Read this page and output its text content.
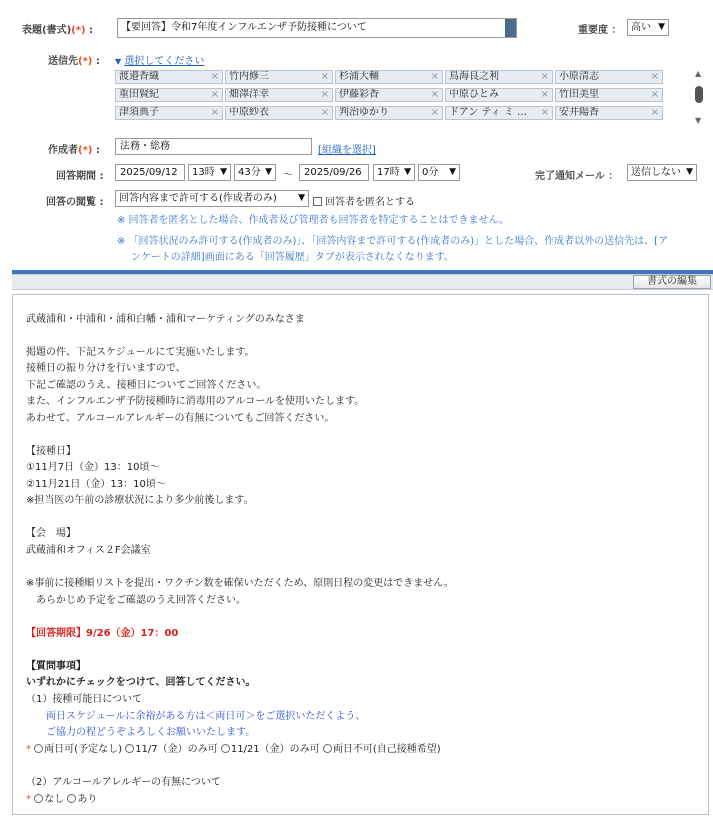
表題(書式)(*) :	【要回答】令和7年度インフルエンザ予防接種について	重要度 ： 高い ▼
送信先(*) : ▼ 選択してください
渡邉香織	×	竹内修三	×	杉浦大輔	×	鳥海良之利	×	小原清志	×
重田賢紀	×	畑澤洋幸	×	伊藤彩香	×	中原ひとみ	×	竹田美里	×
津須典子	×	中原紗衣	×	判治ゆかり	×	ドアン ティ ミ … ×	安井陽香	×
▲
▼
作成者(*) :	法務・総務	[組織を選択]
回答期間 :	2025/09/12	13時 ▼	43分 ▼ 〜	2025/09/26	17時 ▼	0分 ▼	完了通知メール ：	送信しない ▼
回答の閲覧 :	回答内容まで許可する(作成者のみ) ▼	回答者を匿名とする
※ 回答者を匿名とした場合、作成者及び管理者も回答者を特定することはできません。
※ 「回答状況のみ許可する(作成者のみ)」、「回答内容まで許可する(作成者のみ)」とした場合、作成者以外の送信先は、[ア
ンケートの詳細]画面にある「回答履歴」タブが表示されなくなります。
書式の編集
武蔵浦和・中浦和・浦和白幡・浦和マーケティングのみなさま
掲題の件、下記スケジュールにて実施いたします。
接種日の振り分けを行いますので、
下記ご確認のうえ、接種日についてご回答ください。
また、インフルエンザ予防接種時に消毒用のアルコールを使用いたします。
あわせて、アルコールアレルギーの有無についてもご回答ください。
【接種日】
①11月7日（金）13：10頃〜
②11月21日（金）13：10頃〜
※担当医の午前の診療状況により多少前後します。
【会　場】
武蔵浦和オフィス２F会議室
※事前に接種順リストを提出・ワクチン数を確保いただくため、原則日程の変更はできません。
　あらかじめ予定をご確認のうえ回答ください。
【回答期限】9/26（金）17：00
【質問事項】
いずれかにチェックをつけて、回答してください。
（1）接種可能日について
両日スケジュールに余裕がある方は＜両日可＞をご選択いただくよう、
ご協力の程どうぞよろしくお願いいたします。
* 両日可(予定なし) 11/7（金）のみ可 11/21（金）のみ可 両日不可(自己接種希望)
（2）アルコールアレルギーの有無について
* なし あり
